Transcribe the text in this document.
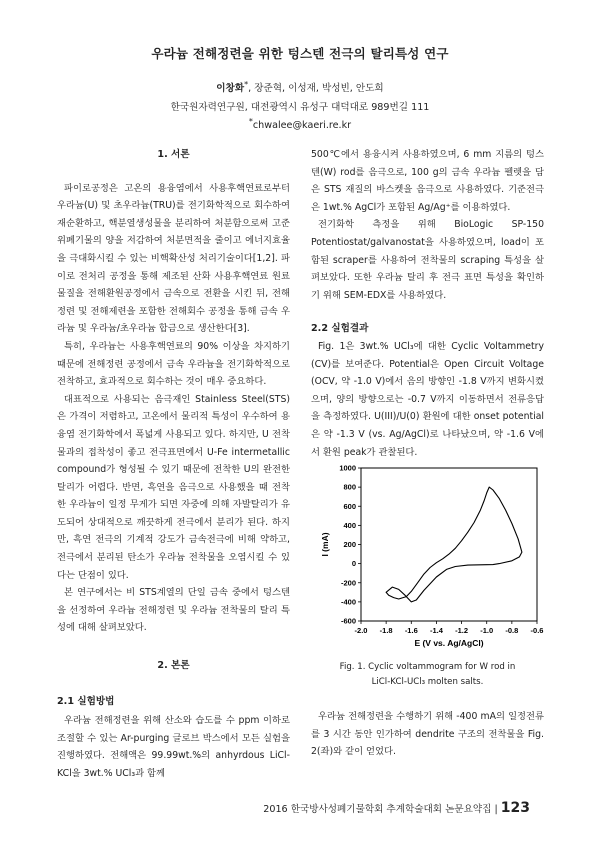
우라늄 전해정련을 위한 텅스텐 전극의 탈리특성 연구
이창화*, 장준혁, 이성재, 박성빈, 안도희
한국원자력연구원, 대전광역시 유성구 대덕대로 989번길 111
*chwalee@kaeri.re.kr
1. 서론

파이로공정은 고온의 용융염에서 사용후핵연료로부터 우라늄(U) 및 초우라늄(TRU)를 전기화학적으로 회수하여 재순환하고, 핵분열생성물을 분리하여 처분함으로써 고준위폐기물의 양을 저감하여 처분면적을 줄이고 에너지효율을 극대화시킬 수 있는 비핵확산성 처리기술이다[1,2]. 파이로 전처리 공정을 통해 제조된 산화 사용후핵연료 원료물질을 전해환원공정에서 금속으로 전환을 시킨 뒤, 전해정련 및 전해제련을 포함한 전해회수 공정을 통해 금속 우라늄 및 우라늄/초우라늄 합금으로 생산한다[3].

특히, 우라늄는 사용후핵연료의 90% 이상을 차지하기 때문에 전해정련 공정에서 금속 우라늄을 전기화학적으로 전착하고, 효과적으로 회수하는 것이 매우 중요하다.

대표적으로 사용되는 음극재인 Stainless Steel(STS)은 가격이 저렴하고, 고온에서 물리적 특성이 우수하여 용융염 전기화학에서 폭넓게 사용되고 있다. 하지만, U 전착물과의 접착성이 좋고 전극표면에서 U-Fe intermetallic compound가 형성될 수 있기 때문에 전착한 U의 완전한 탈리가 어렵다. 반면, 흑연을 음극으로 사용했을 때 전착한 우라늄이 일정 무게가 되면 자중에 의해 자발탈리가 유도되어 상대적으로 깨끗하게 전극에서 분리가 된다. 하지만, 흑연 전극의 기계적 강도가 금속전극에 비해 약하고, 전극에서 분리된 탄소가 우라늄 전착물을 오염시킬 수 있다는 단점이 있다.

본 연구에서는 비 STS계열의 단일 금속 중에서 텅스텐을 선정하여 우라늄 전해정련 및 우라늄 전착물의 탈리 특성에 대해 살펴보았다.

2. 본론
2.1 실험방법

우라늄 전해정련을 위해 산소와 습도를 수 ppm 이하로 조절할 수 있는 Ar-purging 글로브 박스에서 모든 실험을 진행하였다. 전해액은 99.99wt.%의 anhyrdous LiCl-KCl을 3wt.% UCl₃과 함께

500℃에서 용융시켜 사용하였으며, 6 mm 지름의 텅스텐(W) rod를 음극으로, 100 g의 금속 우라늄 펠렛을 담은 STS 재질의 바스켓을 음극으로 사용하였다. 기준전극은 1wt.% AgCl가 포함된 Ag/Ag⁺를 이용하였다.

전기화학 측정을 위해 BioLogic SP-150 Potentiostat/galvanostat을 사용하였으며, load이 포함된 scraper를 사용하여 전착물의 scraping 특성을 살펴보았다. 또한 우라늄 탈리 후 전극 표면 특성을 확인하기 위해 SEM-EDX를 사용하였다.

2.2 실험결과

Fig. 1은 3wt.% UCl₃에 대한 Cyclic Voltammetry (CV)를 보여준다. Potential은 Open Circuit Voltage (OCV, 약 -1.0 V)에서 음의 방향인 -1.8 V까지 변화시켰으며, 양의 방향으로는 -0.7 V까지 이동하면서 전류응답을 측정하였다. U(III)/U(0) 환원에 대한 onset potential은 약 -1.3 V (vs. Ag/AgCl)로 나타났으며, 약 -1.6 V에서 환원 peak가 관찰된다.

-2.0 -1.8 -1.6 -1.4 -1.2 -1.0 -0.8 -0.6
1000
800
600
400
200
0
-200
-400
-600
E (V vs. Ag/AgCl)
I (mA)
Fig. 1. Cyclic voltammogram for W rod in
LiCl-KCl-UCl₃ molten salts.

우라늄 전해정련을 수행하기 위해 -400 mA의 일정전류를 3 시간 동안 인가하여 dendrite 구조의 전착물을 Fig. 2(좌)와 같이 얻었다.

2016 한국방사성폐기물학회 추계학술대회 논문요약집 | 123
